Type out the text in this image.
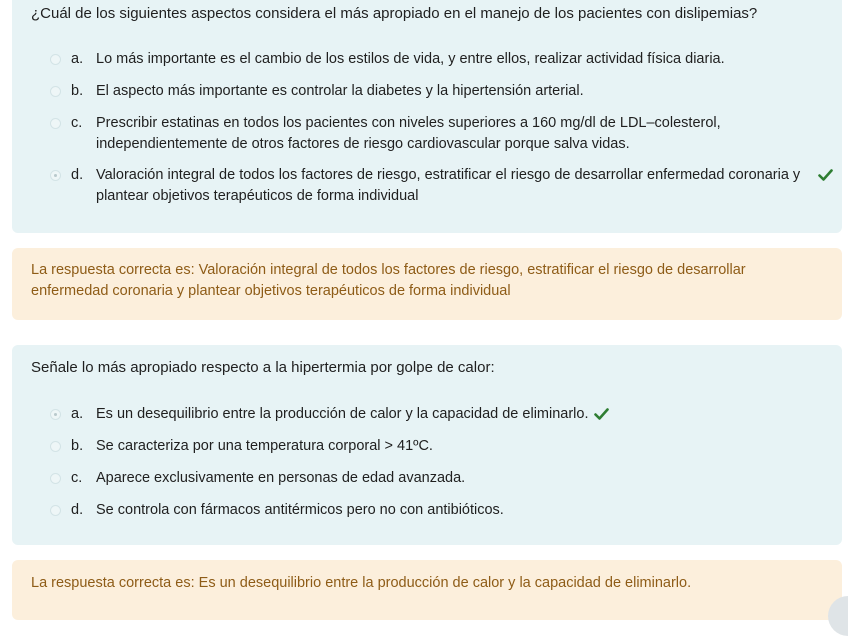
¿Cuál de los siguientes aspectos considera el más apropiado en el manejo de los pacientes con dislipemias?
a. Lo más importante es el cambio de los estilos de vida, y entre ellos, realizar actividad física diaria.
b. El aspecto más importante es controlar la diabetes y la hipertensión arterial.
c. Prescribir estatinas en todos los pacientes con niveles superiores a 160 mg/dl de LDL–colesterol, independientemente de otros factores de riesgo cardiovascular porque salva vidas.
d. Valoración integral de todos los factores de riesgo, estratificar el riesgo de desarrollar enfermedad coronaria y plantear objetivos terapéuticos de forma individual
La respuesta correcta es: Valoración integral de todos los factores de riesgo, estratificar el riesgo de desarrollar enfermedad coronaria y plantear objetivos terapéuticos de forma individual
Señale lo más apropiado respecto a la hipertermia por golpe de calor:
a. Es un desequilibrio entre la producción de calor y la capacidad de eliminarlo.
b. Se caracteriza por una temperatura corporal > 41ºC.
c. Aparece exclusivamente en personas de edad avanzada.
d. Se controla con fármacos antitérmicos pero no con antibióticos.
La respuesta correcta es: Es un desequilibrio entre la producción de calor y la capacidad de eliminarlo.
